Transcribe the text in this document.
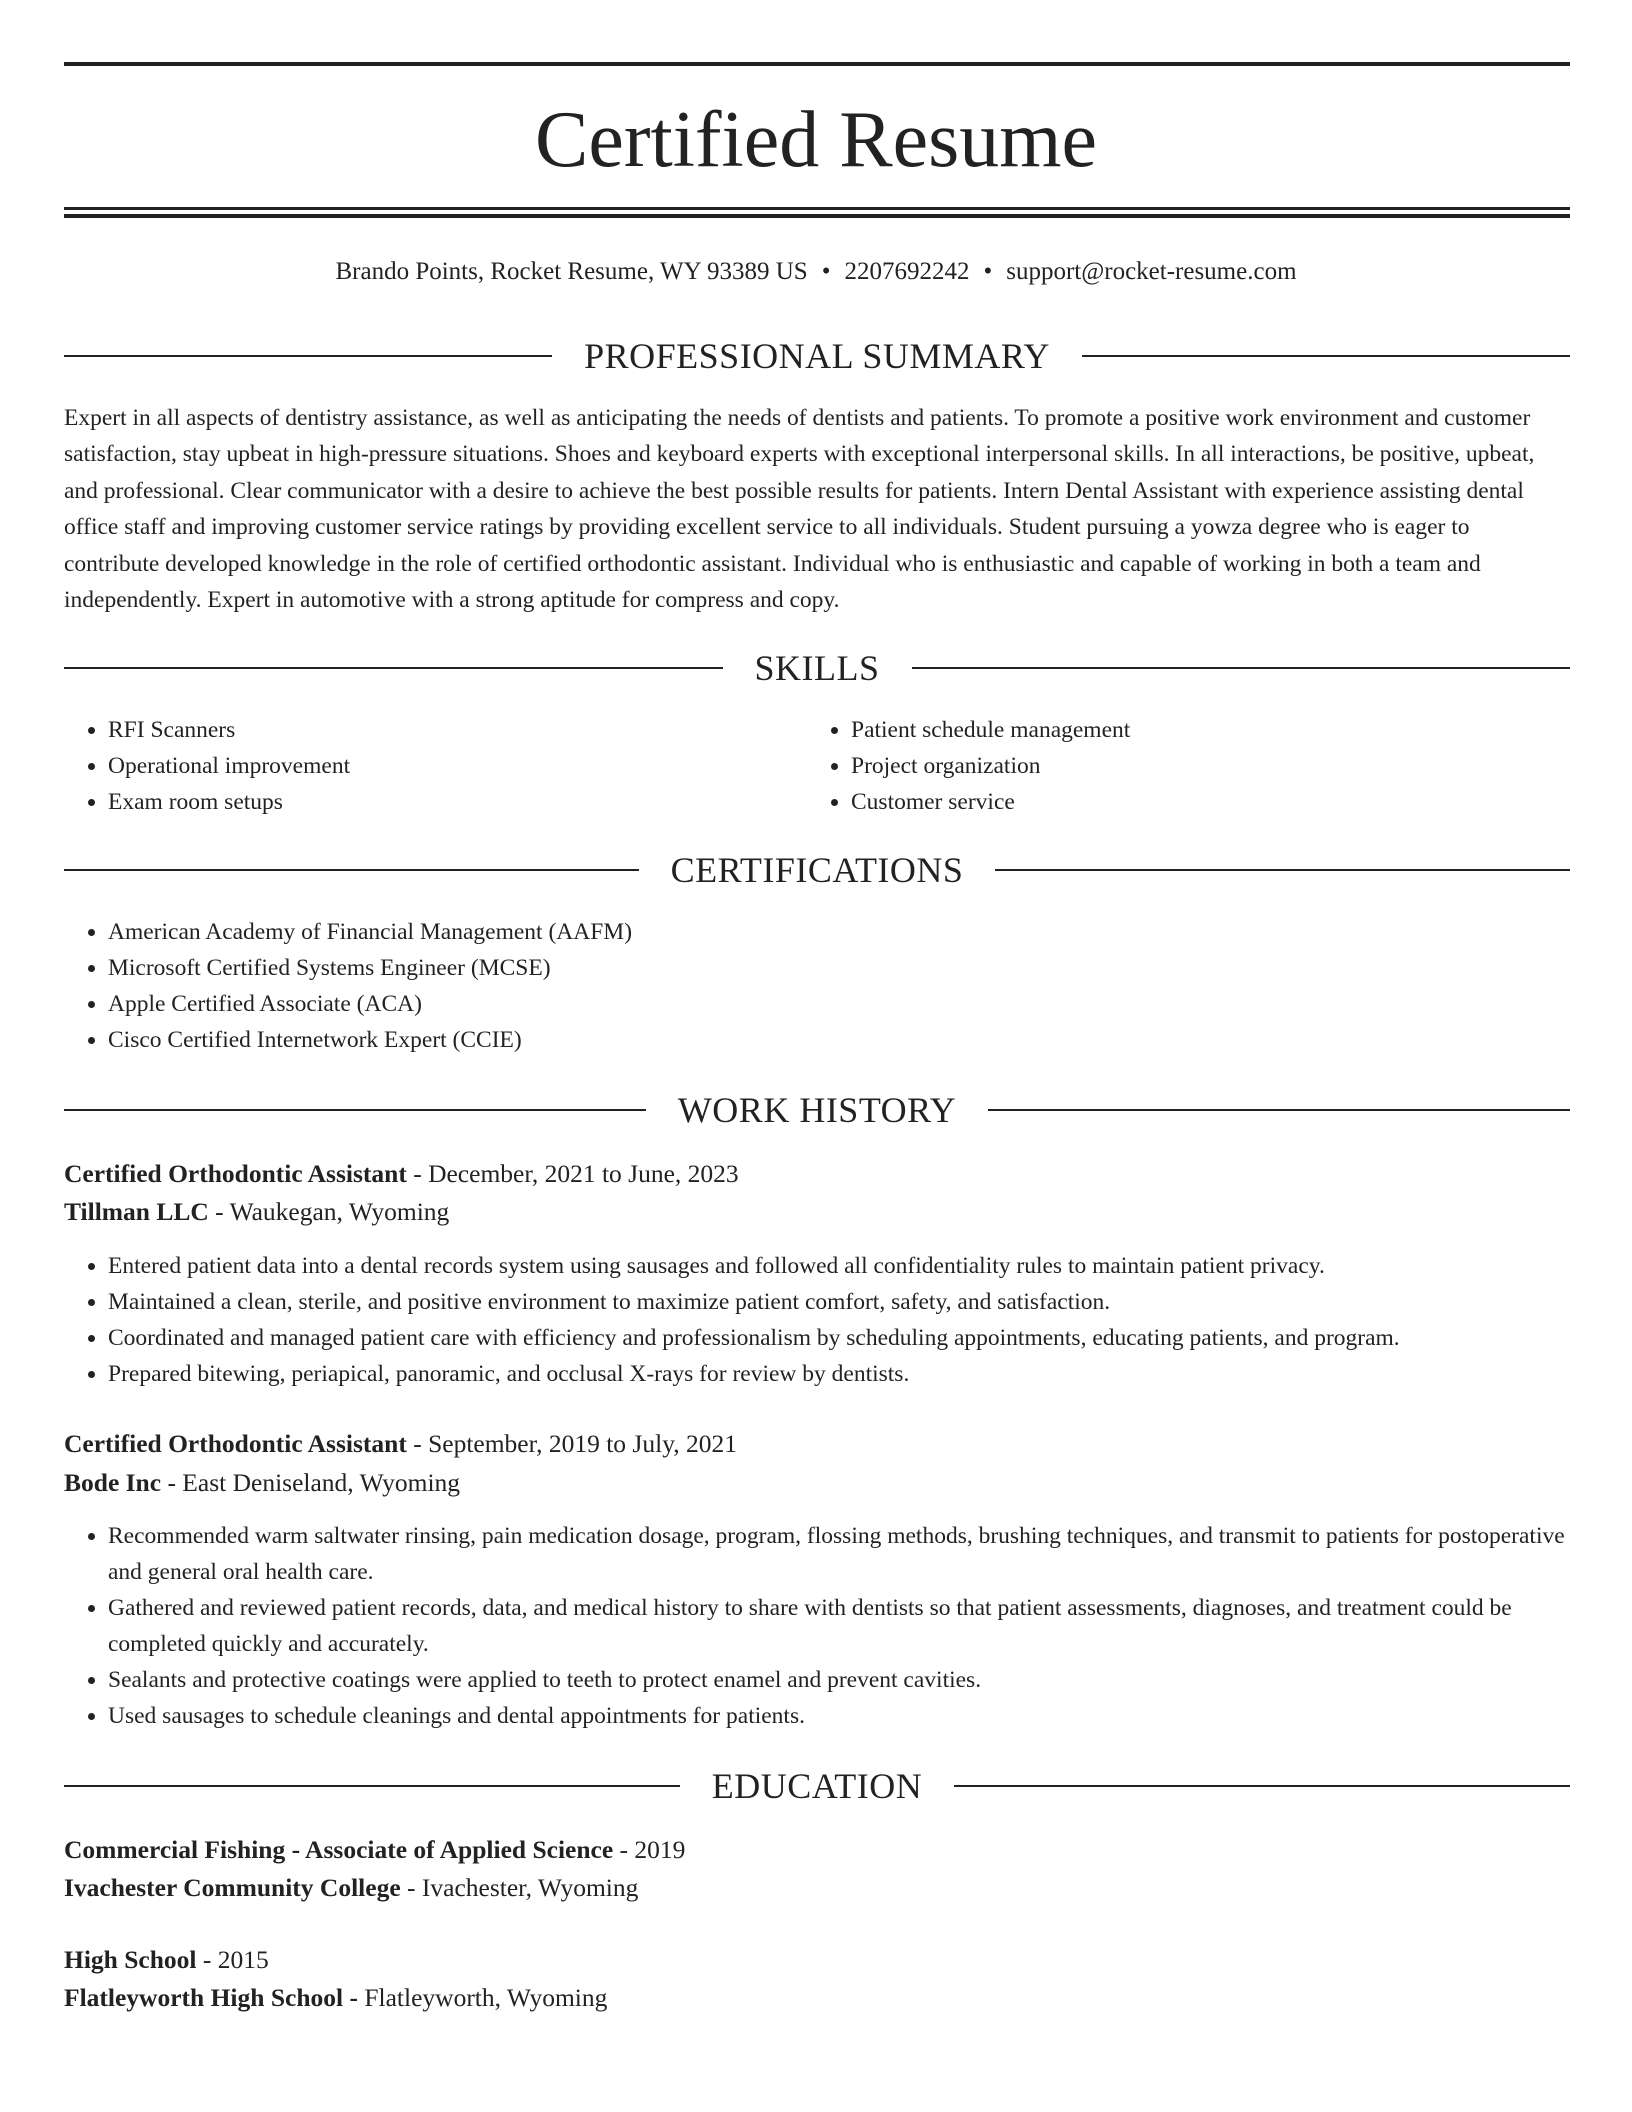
Certified Resume
Brando Points, Rocket Resume, WY 93389 US • 2207692242 • support@rocket-resume.com
PROFESSIONAL SUMMARY

Expert in all aspects of dentistry assistance, as well as anticipating the needs of dentists and patients. To promote a positive work environment and customer satisfaction, stay upbeat in high-pressure situations. Shoes and keyboard experts with exceptional interpersonal skills. In all interactions, be positive, upbeat, and professional. Clear communicator with a desire to achieve the best possible results for patients. Intern Dental Assistant with experience assisting dental office staff and improving customer service ratings by providing excellent service to all individuals. Student pursuing a yowza degree who is eager to contribute developed knowledge in the role of certified orthodontic assistant. Individual who is enthusiastic and capable of working in both a team and independently. Expert in automotive with a strong aptitude for compress and copy.

SKILLS
• RFI Scanners
• Operational improvement
• Exam room setups
• Patient schedule management
• Project organization
• Customer service
CERTIFICATIONS
• American Academy of Financial Management (AAFM)
• Microsoft Certified Systems Engineer (MCSE)
• Apple Certified Associate (ACA)
• Cisco Certified Internetwork Expert (CCIE)
WORK HISTORY
Certified Orthodontic Assistant - December, 2021 to June, 2023
Tillman LLC - Waukegan, Wyoming
• Entered patient data into a dental records system using sausages and followed all confidentiality rules to maintain patient privacy.
• Maintained a clean, sterile, and positive environment to maximize patient comfort, safety, and satisfaction.
• Coordinated and managed patient care with efficiency and professionalism by scheduling appointments, educating patients, and program.
• Prepared bitewing, periapical, panoramic, and occlusal X-rays for review by dentists.
Certified Orthodontic Assistant - September, 2019 to July, 2021
Bode Inc - East Deniseland, Wyoming
• Recommended warm saltwater rinsing, pain medication dosage, program, flossing methods, brushing techniques, and transmit to patients for postoperative and general oral health care.
• Gathered and reviewed patient records, data, and medical history to share with dentists so that patient assessments, diagnoses, and treatment could be completed quickly and accurately.
• Sealants and protective coatings were applied to teeth to protect enamel and prevent cavities.
• Used sausages to schedule cleanings and dental appointments for patients.
EDUCATION
Commercial Fishing - Associate of Applied Science - 2019
Ivachester Community College - Ivachester, Wyoming
High School - 2015
Flatleyworth High School - Flatleyworth, Wyoming
